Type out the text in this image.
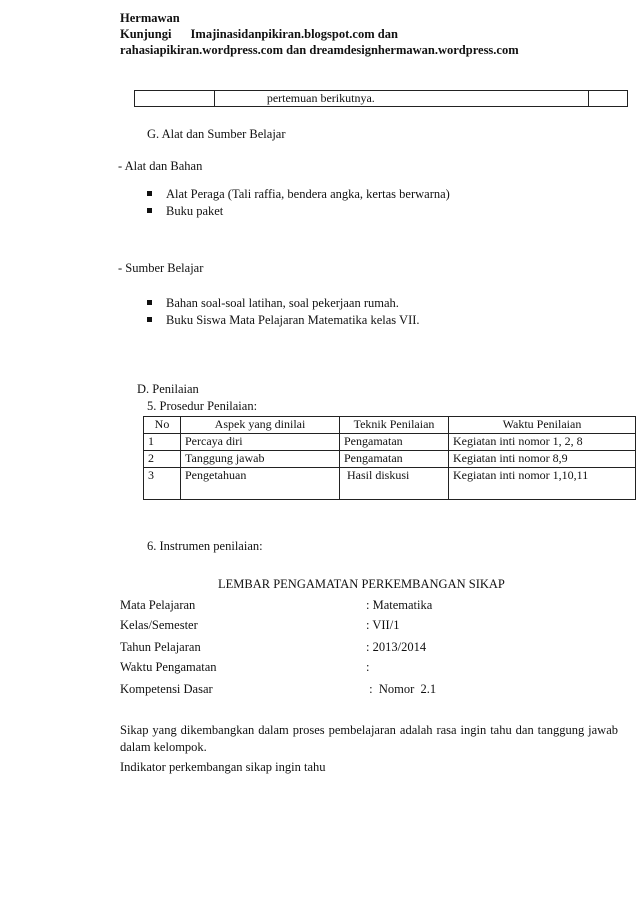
Hermawan
Kunjungi Imajinasidanpikiran.blogspot.com dan
rahasiapikiran.wordpress.com dan dreamdesignhermawan.wordpress.com
	pertemuan berikutnya.	
G. Alat dan Sumber Belajar
- Alat dan Bahan
Alat Peraga (Tali raffia, bendera angka, kertas berwarna)
Buku paket
- Sumber Belajar
Bahan soal-soal latihan, soal pekerjaan rumah.
Buku Siswa Mata Pelajaran Matematika kelas VII.
D. Penilaian
5. Prosedur Penilaian:
No	Aspek yang dinilai	Teknik Penilaian	Waktu Penilaian
1	Percaya diri	Pengamatan	Kegiatan inti nomor 1, 2, 8
2	Tanggung jawab	Pengamatan	Kegiatan inti nomor 8,9
3	Pengetahuan	Hasil diskusi	Kegiatan inti nomor 1,10,11
6. Instrumen penilaian:
LEMBAR PENGAMATAN PERKEMBANGAN SIKAP
Mata Pelajaran	: Matematika
Kelas/Semester	: VII/1
Tahun Pelajaran	: 2013/2014
Waktu Pengamatan	:
Kompetensi Dasar	:  Nomor  2.1
Sikap yang dikembangkan dalam proses pembelajaran adalah rasa ingin tahu dan tanggung jawab dalam kelompok.
Indikator perkembangan sikap ingin tahu
